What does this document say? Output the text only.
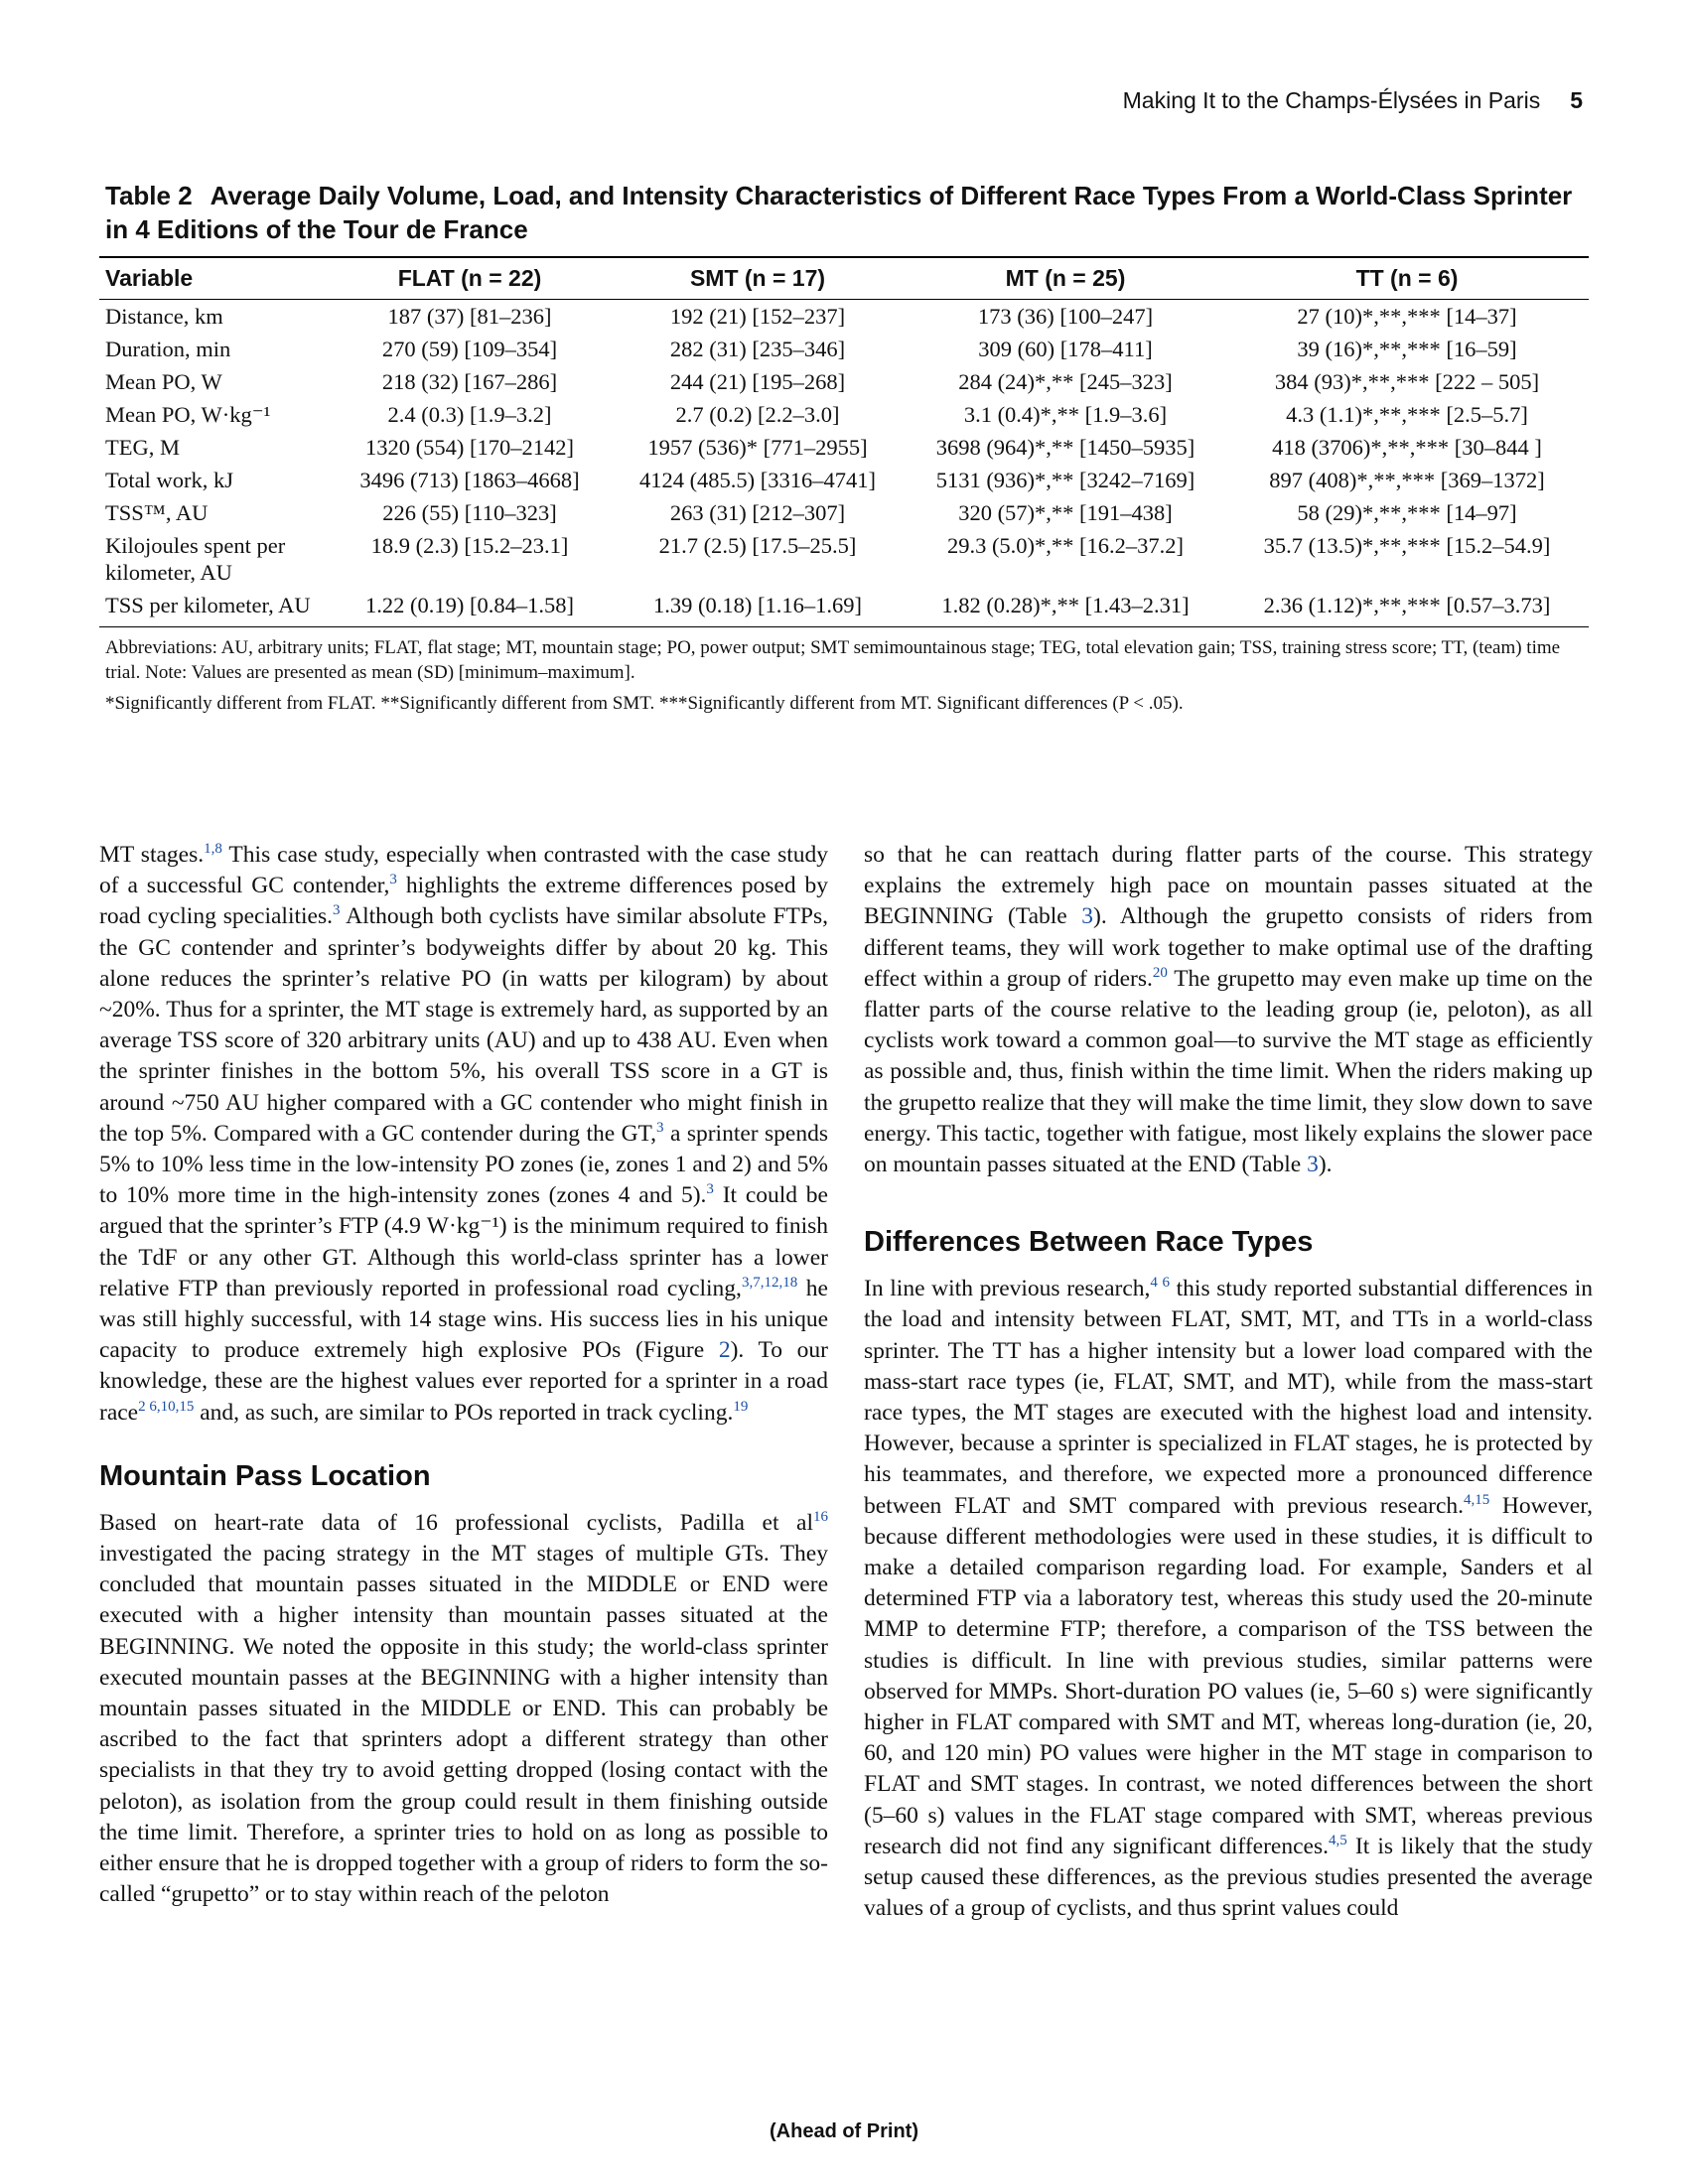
Making It to the Champs-Élysées in Paris 5
Table 2 Average Daily Volume, Load, and Intensity Characteristics of Different Race Types From a World-Class Sprinter in 4 Editions of the Tour de France
Variable	FLAT (n = 22)	SMT (n = 17)	MT (n = 25)	TT (n = 6)
Distance, km	187 (37) [81–236]	192 (21) [152–237]	173 (36) [100–247]	27 (10)*,**,*** [14–37]
Duration, min	270 (59) [109–354]	282 (31) [235–346]	309 (60) [178–411]	39 (16)*,**,*** [16–59]
Mean PO, W	218 (32) [167–286]	244 (21) [195–268]	284 (24)*,** [245–323]	384 (93)*,**,*** [222 – 505]
Mean PO, W·kg⁻¹	2.4 (0.3) [1.9–3.2]	2.7 (0.2) [2.2–3.0]	3.1 (0.4)*,** [1.9–3.6]	4.3 (1.1)*,**,*** [2.5–5.7]
TEG, M	1320 (554) [170–2142]	1957 (536)* [771–2955]	3698 (964)*,** [1450–5935]	418 (3706)*,**,*** [30–844 ]
Total work, kJ	3496 (713) [1863–4668]	4124 (485.5) [3316–4741]	5131 (936)*,** [3242–7169]	897 (408)*,**,*** [369–1372]
TSS™, AU	226 (55) [110–323]	263 (31) [212–307]	320 (57)*,** [191–438]	58 (29)*,**,*** [14–97]
Kilojoules spent per kilometer, AU	18.9 (2.3) [15.2–23.1]	21.7 (2.5) [17.5–25.5]	29.3 (5.0)*,** [16.2–37.2]	35.7 (13.5)*,**,*** [15.2–54.9]
TSS per kilometer, AU	1.22 (0.19) [0.84–1.58]	1.39 (0.18) [1.16–1.69]	1.82 (0.28)*,** [1.43–2.31]	2.36 (1.12)*,**,*** [0.57–3.73]

Abbreviations: AU, arbitrary units; FLAT, flat stage; MT, mountain stage; PO, power output; SMT semimountainous stage; TEG, total elevation gain; TSS, training stress score; TT, (team) time trial. Note: Values are presented as mean (SD) [minimum–maximum].

*Significantly different from FLAT. **Significantly different from SMT. ***Significantly different from MT. Significant differences (P < .05).

MT stages.$^{1,8}$ This case study, especially when contrasted with the case study of a successful GC contender,$^3$ highlights the extreme differences posed by road cycling specialities.$^3$ Although both cyclists have similar absolute FTPs, the GC contender and sprinter’s bodyweights differ by about 20 kg. This alone reduces the sprinter’s relative PO (in watts per kilogram) by about ~20%. Thus for a sprinter, the MT stage is extremely hard, as supported by an average TSS score of 320 arbitrary units (AU) and up to 438 AU. Even when the sprinter finishes in the bottom 5%, his overall TSS score in a GT is around ~750 AU higher compared with a GC contender who might finish in the top 5%. Compared with a GC contender during the GT,$^3$ a sprinter spends 5% to 10% less time in the low-intensity PO zones (ie, zones 1 and 2) and 5% to 10% more time in the high-intensity zones (zones 4 and 5).$^3$ It could be argued that the sprinter’s FTP (4.9 W·kg⁻¹) is the minimum required to finish the TdF or any other GT. Although this world-class sprinter has a lower relative FTP than previously reported in professional road cycling,$^{3,7,12,18}$ he was still highly successful, with 14 stage wins. His success lies in his unique capacity to produce extremely high explosive POs (Figure 2). To our knowledge, these are the highest values ever reported for a sprinter in a road race$^{2 6,10,15}$ and, as such, are similar to POs reported in track cycling.$^{19}$

Mountain Pass Location

Based on heart-rate data of 16 professional cyclists, Padilla et $al^{16}$ investigated the pacing strategy in the MT stages of multiple GTs. They concluded that mountain passes situated in the MIDDLE or END were executed with a higher intensity than mountain passes situated at the BEGINNING. We noted the opposite in this study; the world-class sprinter executed mountain passes at the BEGINNING with a higher intensity than mountain passes situated in the MIDDLE or END. This can probably be ascribed to the fact that sprinters adopt a different strategy than other specialists in that they try to avoid getting dropped (losing contact with the peloton), as isolation from the group could result in them finishing outside the time limit. Therefore, a sprinter tries to hold on as long as possible to either ensure that he is dropped together with a group of riders to form the so-called “grupetto” or to stay within reach of the peloton

so that he can reattach during flatter parts of the course. This strategy explains the extremely high pace on mountain passes situated at the BEGINNING (Table 3). Although the grupetto consists of riders from different teams, they will work together to make optimal use of the drafting effect within a group of riders.$^{20}$ The grupetto may even make up time on the flatter parts of the course relative to the leading group (ie, peloton), as all cyclists work toward a common goal—to survive the MT stage as efficiently as possible and, thus, finish within the time limit. When the riders making up the grupetto realize that they will make the time limit, they slow down to save energy. This tactic, together with fatigue, most likely explains the slower pace on mountain passes situated at the END (Table 3).

Differences Between Race Types

In line with previous research,$^{4 6}$ this study reported substantial differences in the load and intensity between FLAT, SMT, MT, and TTs in a world-class sprinter. The TT has a higher intensity but a lower load compared with the mass-start race types (ie, FLAT, SMT, and MT), while from the mass-start race types, the MT stages are executed with the highest load and intensity. However, because a sprinter is specialized in FLAT stages, he is protected by his teammates, and therefore, we expected more a pronounced difference between FLAT and SMT compared with previous research.$^{4,15}$ However, because different methodologies were used in these studies, it is difficult to make a detailed comparison regarding load. For example, Sanders et al determined FTP via a laboratory test, whereas this study used the 20-minute MMP to determine FTP; therefore, a comparison of the TSS between the studies is difficult. In line with previous studies, similar patterns were observed for MMPs. Short-duration PO values (ie, 5–60 s) were significantly higher in FLAT compared with SMT and MT, whereas long-duration (ie, 20, 60, and 120 min) PO values were higher in the MT stage in comparison to FLAT and SMT stages. In contrast, we noted differences between the short (5–60 s) values in the FLAT stage compared with SMT, whereas previous research did not find any significant differences.$^{4,5}$ It is likely that the study setup caused these differences, as the previous studies presented the average values of a group of cyclists, and thus sprint values could

(Ahead of Print)
